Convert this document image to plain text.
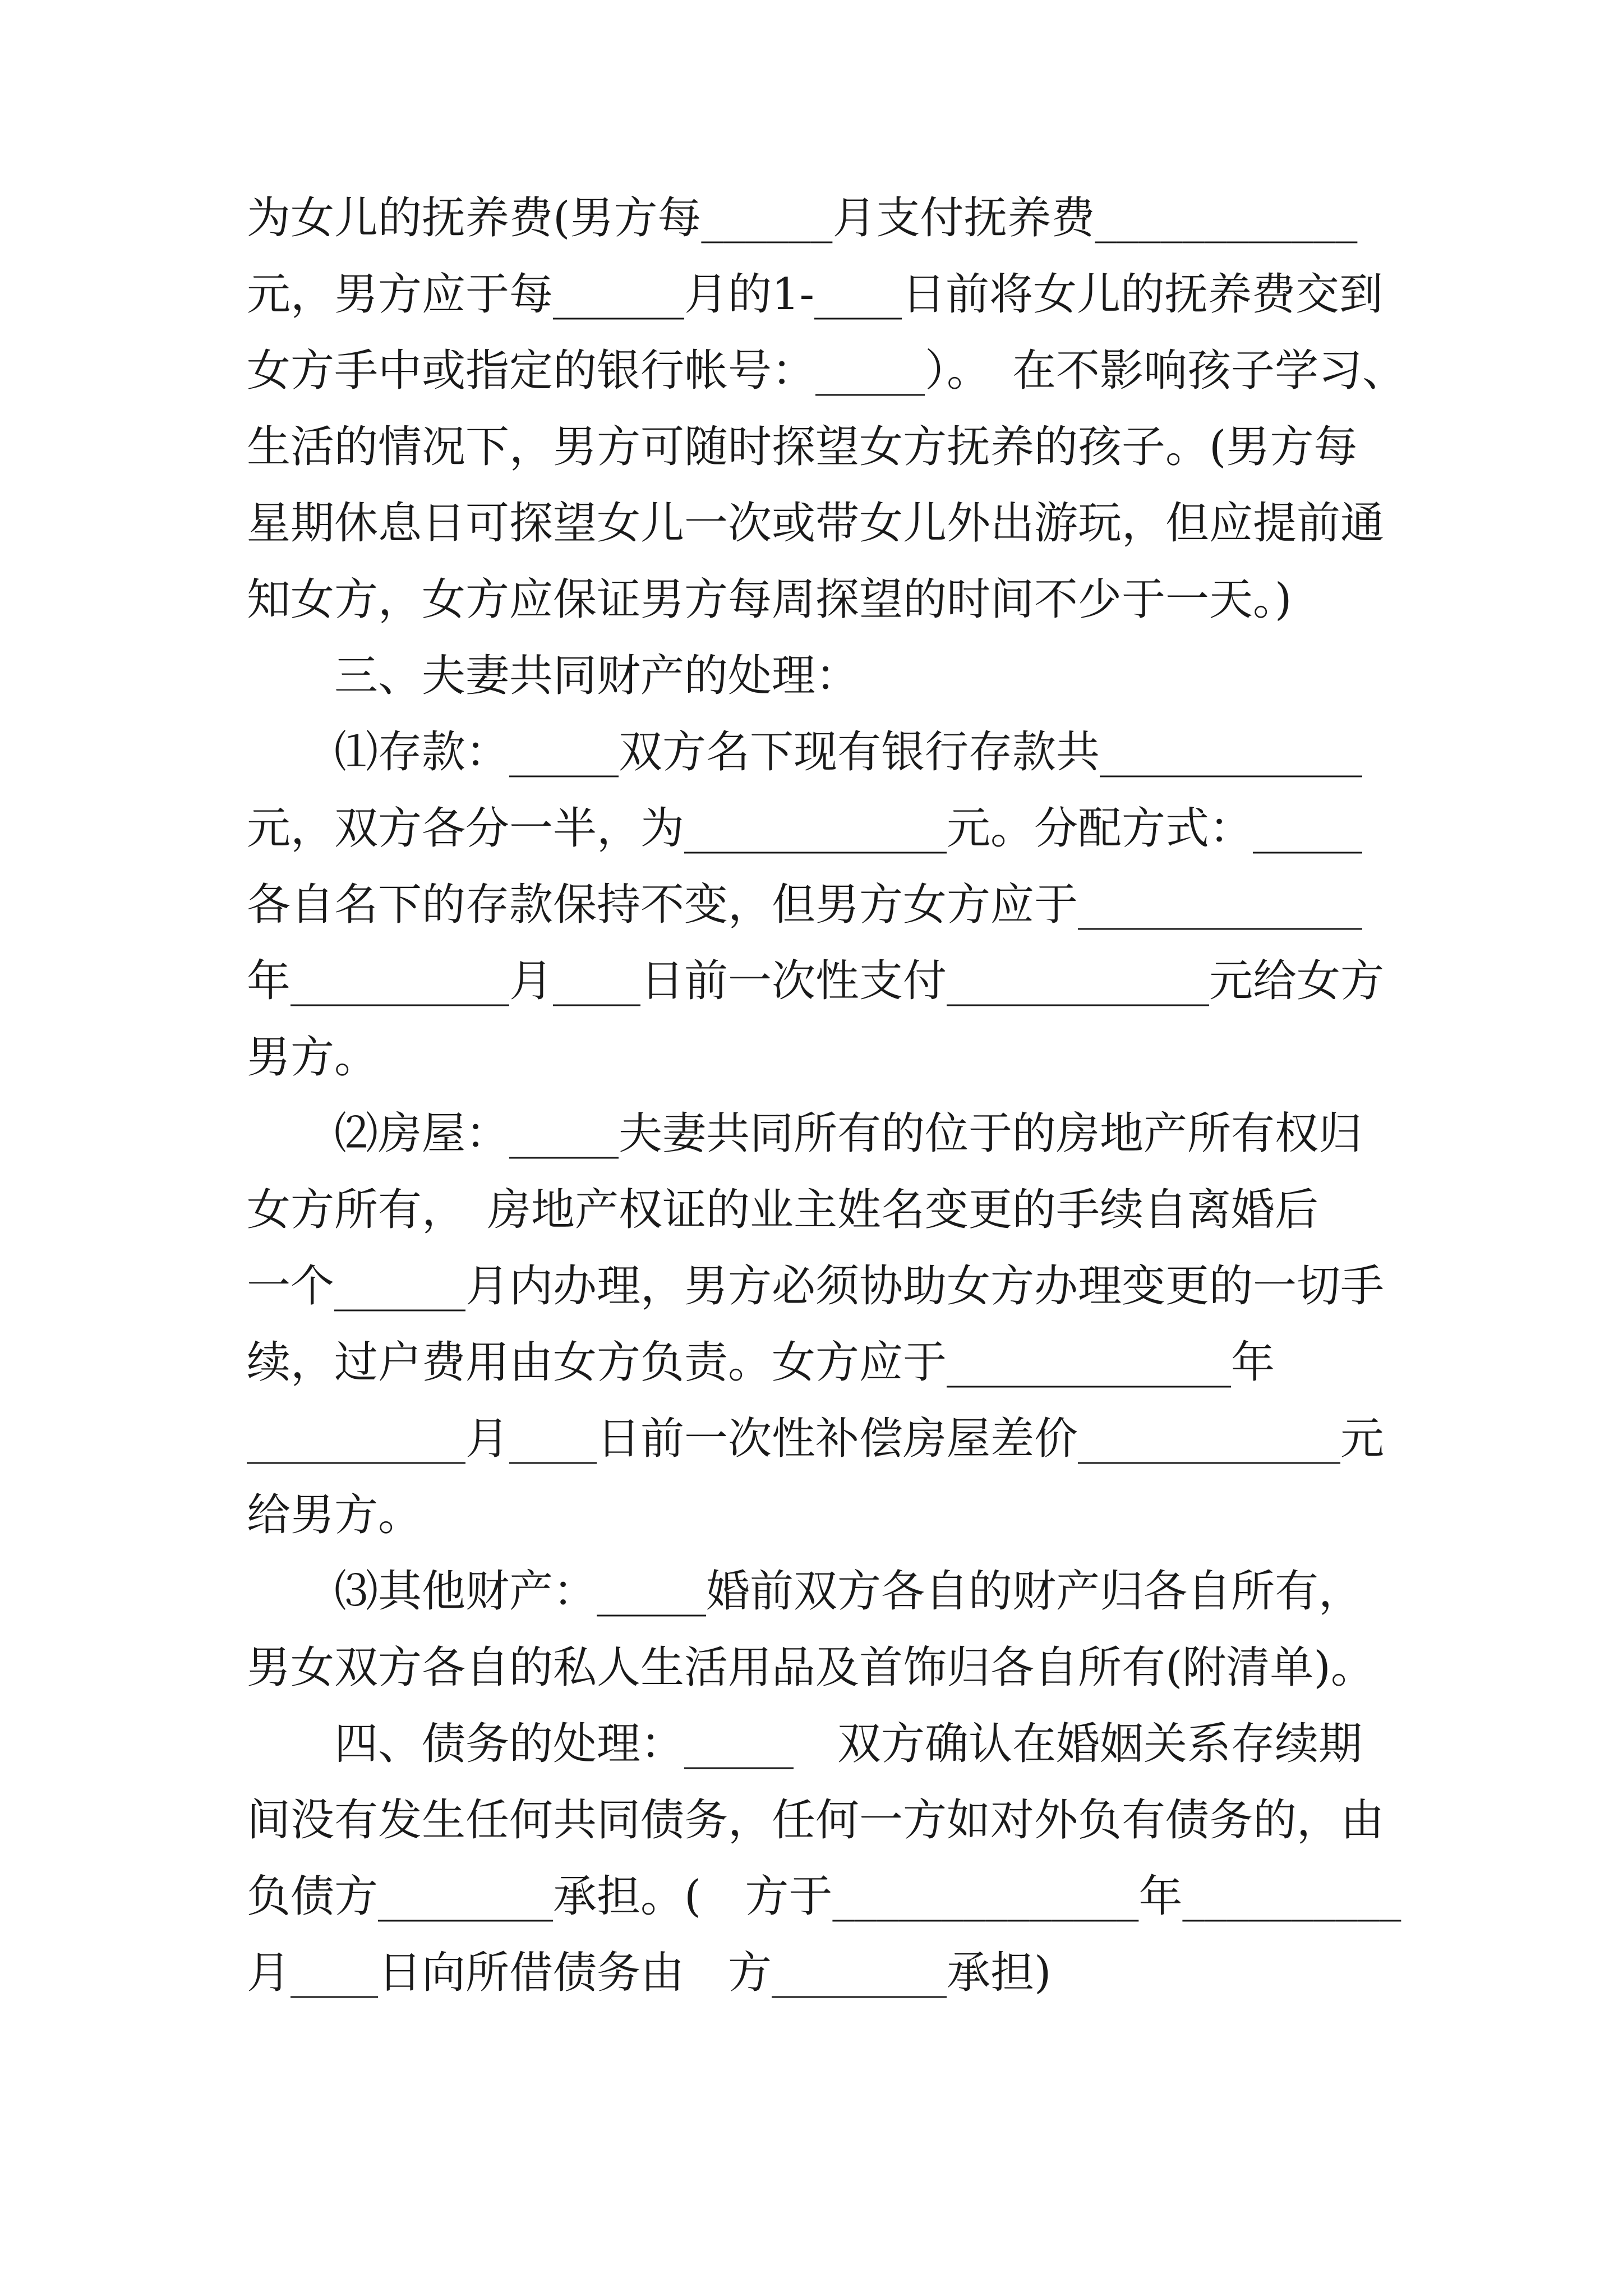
为女儿的抚养费(男方每______月支付抚养费____________
元，男方应于每______月的1-____日前将女儿的抚养费交到
女方手中或指定的银行帐号：_____）。　在不影响孩子学习、
生活的情况下，男方可随时探望女方抚养的孩子。(男方每
星期休息日可探望女儿一次或带女儿外出游玩，但应提前通
知女方，女方应保证男方每周探望的时间不少于一天。)
　　三、夫妻共同财产的处理：
　　⑴存款：_____双方名下现有银行存款共____________
元，双方各分一半，为____________元。分配方式：_____
各自名下的存款保持不变，但男方女方应于_____________
年__________月____日前一次性支付____________元给女方
男方。
　　⑵房屋：_____夫妻共同所有的位于的房地产所有权归
女方所有，　房地产权证的业主姓名变更的手续自离婚后
一个______月内办理，男方必须协助女方办理变更的一切手
续，过户费用由女方负责。女方应于_____________年
__________月____日前一次性补偿房屋差价____________元
给男方。
　　⑶其他财产：_____婚前双方各自的财产归各自所有，
男女双方各自的私人生活用品及首饰归各自所有(附清单)。
　　四、债务的处理：_____　双方确认在婚姻关系存续期
间没有发生任何共同债务，任何一方如对外负有债务的，由
负债方________承担。(　方于______________年__________
月____日向所借债务由　方________承担)
